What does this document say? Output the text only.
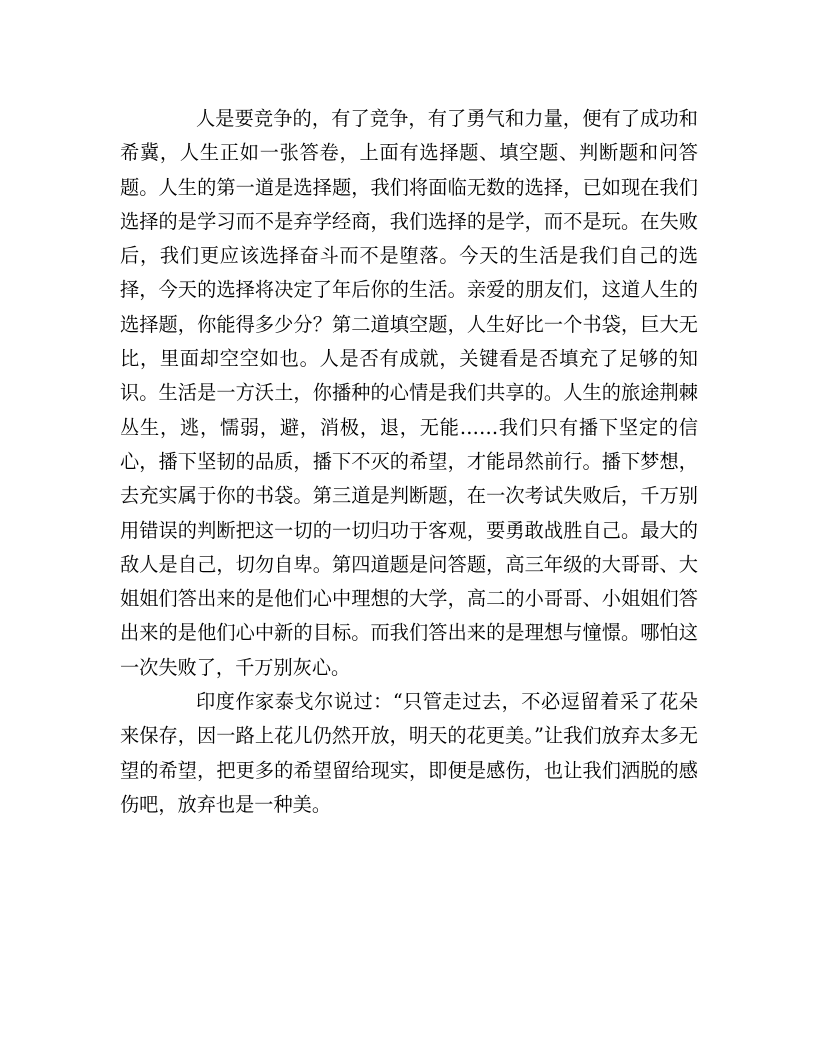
人是要竞争的，有了竞争，有了勇气和力量，便有了成功和希冀，人生正如一张答卷，上面有选择题、填空题、判断题和问答题。人生的第一道是选择题，我们将面临无数的选择，已如现在我们选择的是学习而不是弃学经商，我们选择的是学，而不是玩。在失败后，我们更应该选择奋斗而不是堕落。今天的生活是我们自己的选择，今天的选择将决定了年后你的生活。亲爱的朋友们，这道人生的选择题，你能得多少分？第二道填空题，人生好比一个书袋，巨大无比，里面却空空如也。人是否有成就，关键看是否填充了足够的知识。生活是一方沃土，你播种的心情是我们共享的。人生的旅途荆棘丛生，逃，懦弱，避，消极，退，无能……我们只有播下坚定的信心，播下坚韧的品质，播下不灭的希望，才能昂然前行。播下梦想，去充实属于你的书袋。第三道是判断题，在一次考试失败后，千万别用错误的判断把这一切的一切归功于客观，要勇敢战胜自己。最大的敌人是自己，切勿自卑。第四道题是问答题，高三年级的大哥哥、大姐姐们答出来的是他们心中理想的大学，高二的小哥哥、小姐姐们答出来的是他们心中新的目标。而我们答出来的是理想与憧憬。哪怕这一次失败了，千万别灰心。

印度作家泰戈尔说过：“只管走过去，不必逗留着采了花朵来保存，因一路上花儿仍然开放，明天的花更美。”让我们放弃太多无望的希望，把更多的希望留给现实，即便是感伤，也让我们洒脱的感伤吧，放弃也是一种美。
